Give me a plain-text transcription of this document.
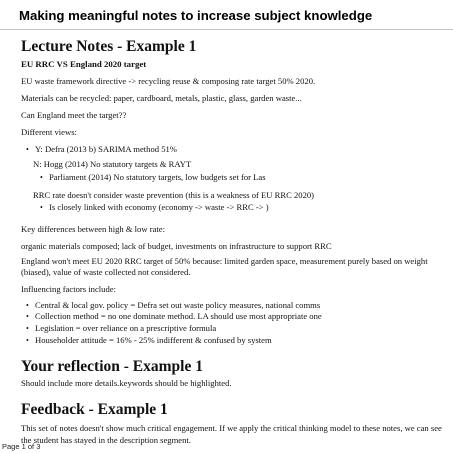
Making meaningful notes to increase subject knowledge
Lecture Notes - Example 1
EU RRC VS England 2020 target

EU waste framework directive -> recycling reuse & composing rate target 50% 2020.

Materials can be recycled: paper, cardboard, metals, plastic, glass, garden waste...

Can England meet the target??

Different views:

• Y: Defra (2013 b) SARIMA method 51%

N: Hogg (2014) No statutory targets & RAYT

• Parliament (2014) No statutory targets, low budgets set for Las

RRC rate doesn't consider waste prevention (this is a weakness of EU RRC 2020)

• Is closely linked with economy (economy -> waste -> RRC -> )

Key differences between high & low rate:

organic materials composed; lack of budget, investments on infrastructure to support RRC

England won't meet EU 2020 RRC target of 50% because: limited garden space, measurement purely based on weight (biased), value of waste collected not considered.

Influencing factors include:

• Central & local gov. policy = Defra set out waste policy measures, national comms
• Collection method = no one dominate method. LA should use most appropriate one
• Legislation = over reliance on a prescriptive formula
• Householder attitude = 16% - 25% indifferent & confused by system
Your reflection - Example 1

Should include more details.keywords should be highlighted.

Feedback - Example 1

This set of notes doesn't show much critical engagement. If we apply the critical thinking model to these notes, we can see the student has stayed in the description segment.

Page 1 of 3
